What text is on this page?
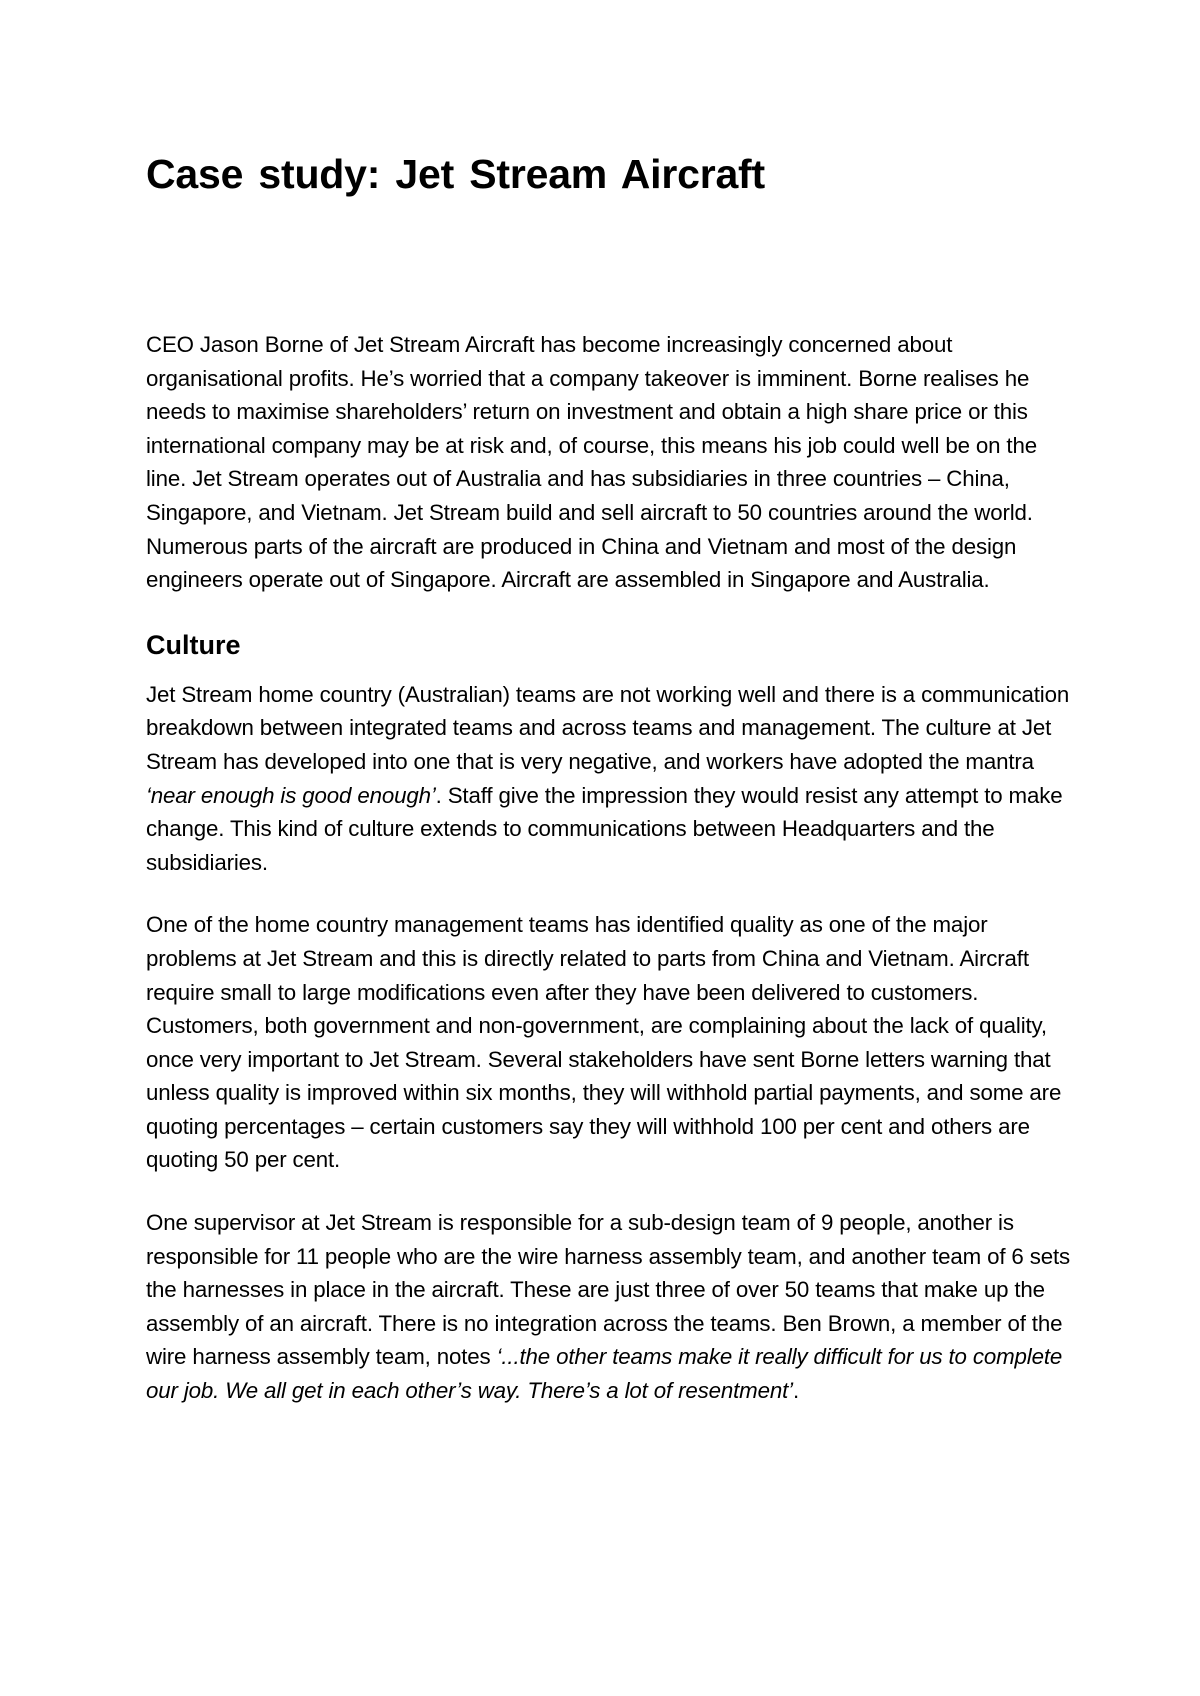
Case study: Jet Stream Aircraft

CEO Jason Borne of Jet Stream Aircraft has become increasingly concerned about organisational profits. He’s worried that a company takeover is imminent. Borne realises he needs to maximise shareholders’ return on investment and obtain a high share price or this international company may be at risk and, of course, this means his job could well be on the line. Jet Stream operates out of Australia and has subsidiaries in three countries – China, Singapore, and Vietnam. Jet Stream build and sell aircraft to 50 countries around the world. Numerous parts of the aircraft are produced in China and Vietnam and most of the design engineers operate out of Singapore. Aircraft are assembled in Singapore and Australia.

Culture

Jet Stream home country (Australian) teams are not working well and there is a communication breakdown between integrated teams and across teams and management. The culture at Jet Stream has developed into one that is very negative, and workers have adopted the mantra ‘near enough is good enough’. Staff give the impression they would resist any attempt to make change. This kind of culture extends to communications between Headquarters and the subsidiaries.

One of the home country management teams has identified quality as one of the major problems at Jet Stream and this is directly related to parts from China and Vietnam. Aircraft require small to large modifications even after they have been delivered to customers. Customers, both government and non-government, are complaining about the lack of quality, once very important to Jet Stream. Several stakeholders have sent Borne letters warning that unless quality is improved within six months, they will withhold partial payments, and some are quoting percentages – certain customers say they will withhold 100 per cent and others are quoting 50 per cent.

One supervisor at Jet Stream is responsible for a sub-design team of 9 people, another is responsible for 11 people who are the wire harness assembly team, and another team of 6 sets the harnesses in place in the aircraft. These are just three of over 50 teams that make up the assembly of an aircraft. There is no integration across the teams. Ben Brown, a member of the wire harness assembly team, notes ‘...the other teams make it really difficult for us to complete our job. We all get in each other’s way. There’s a lot of resentment’.
